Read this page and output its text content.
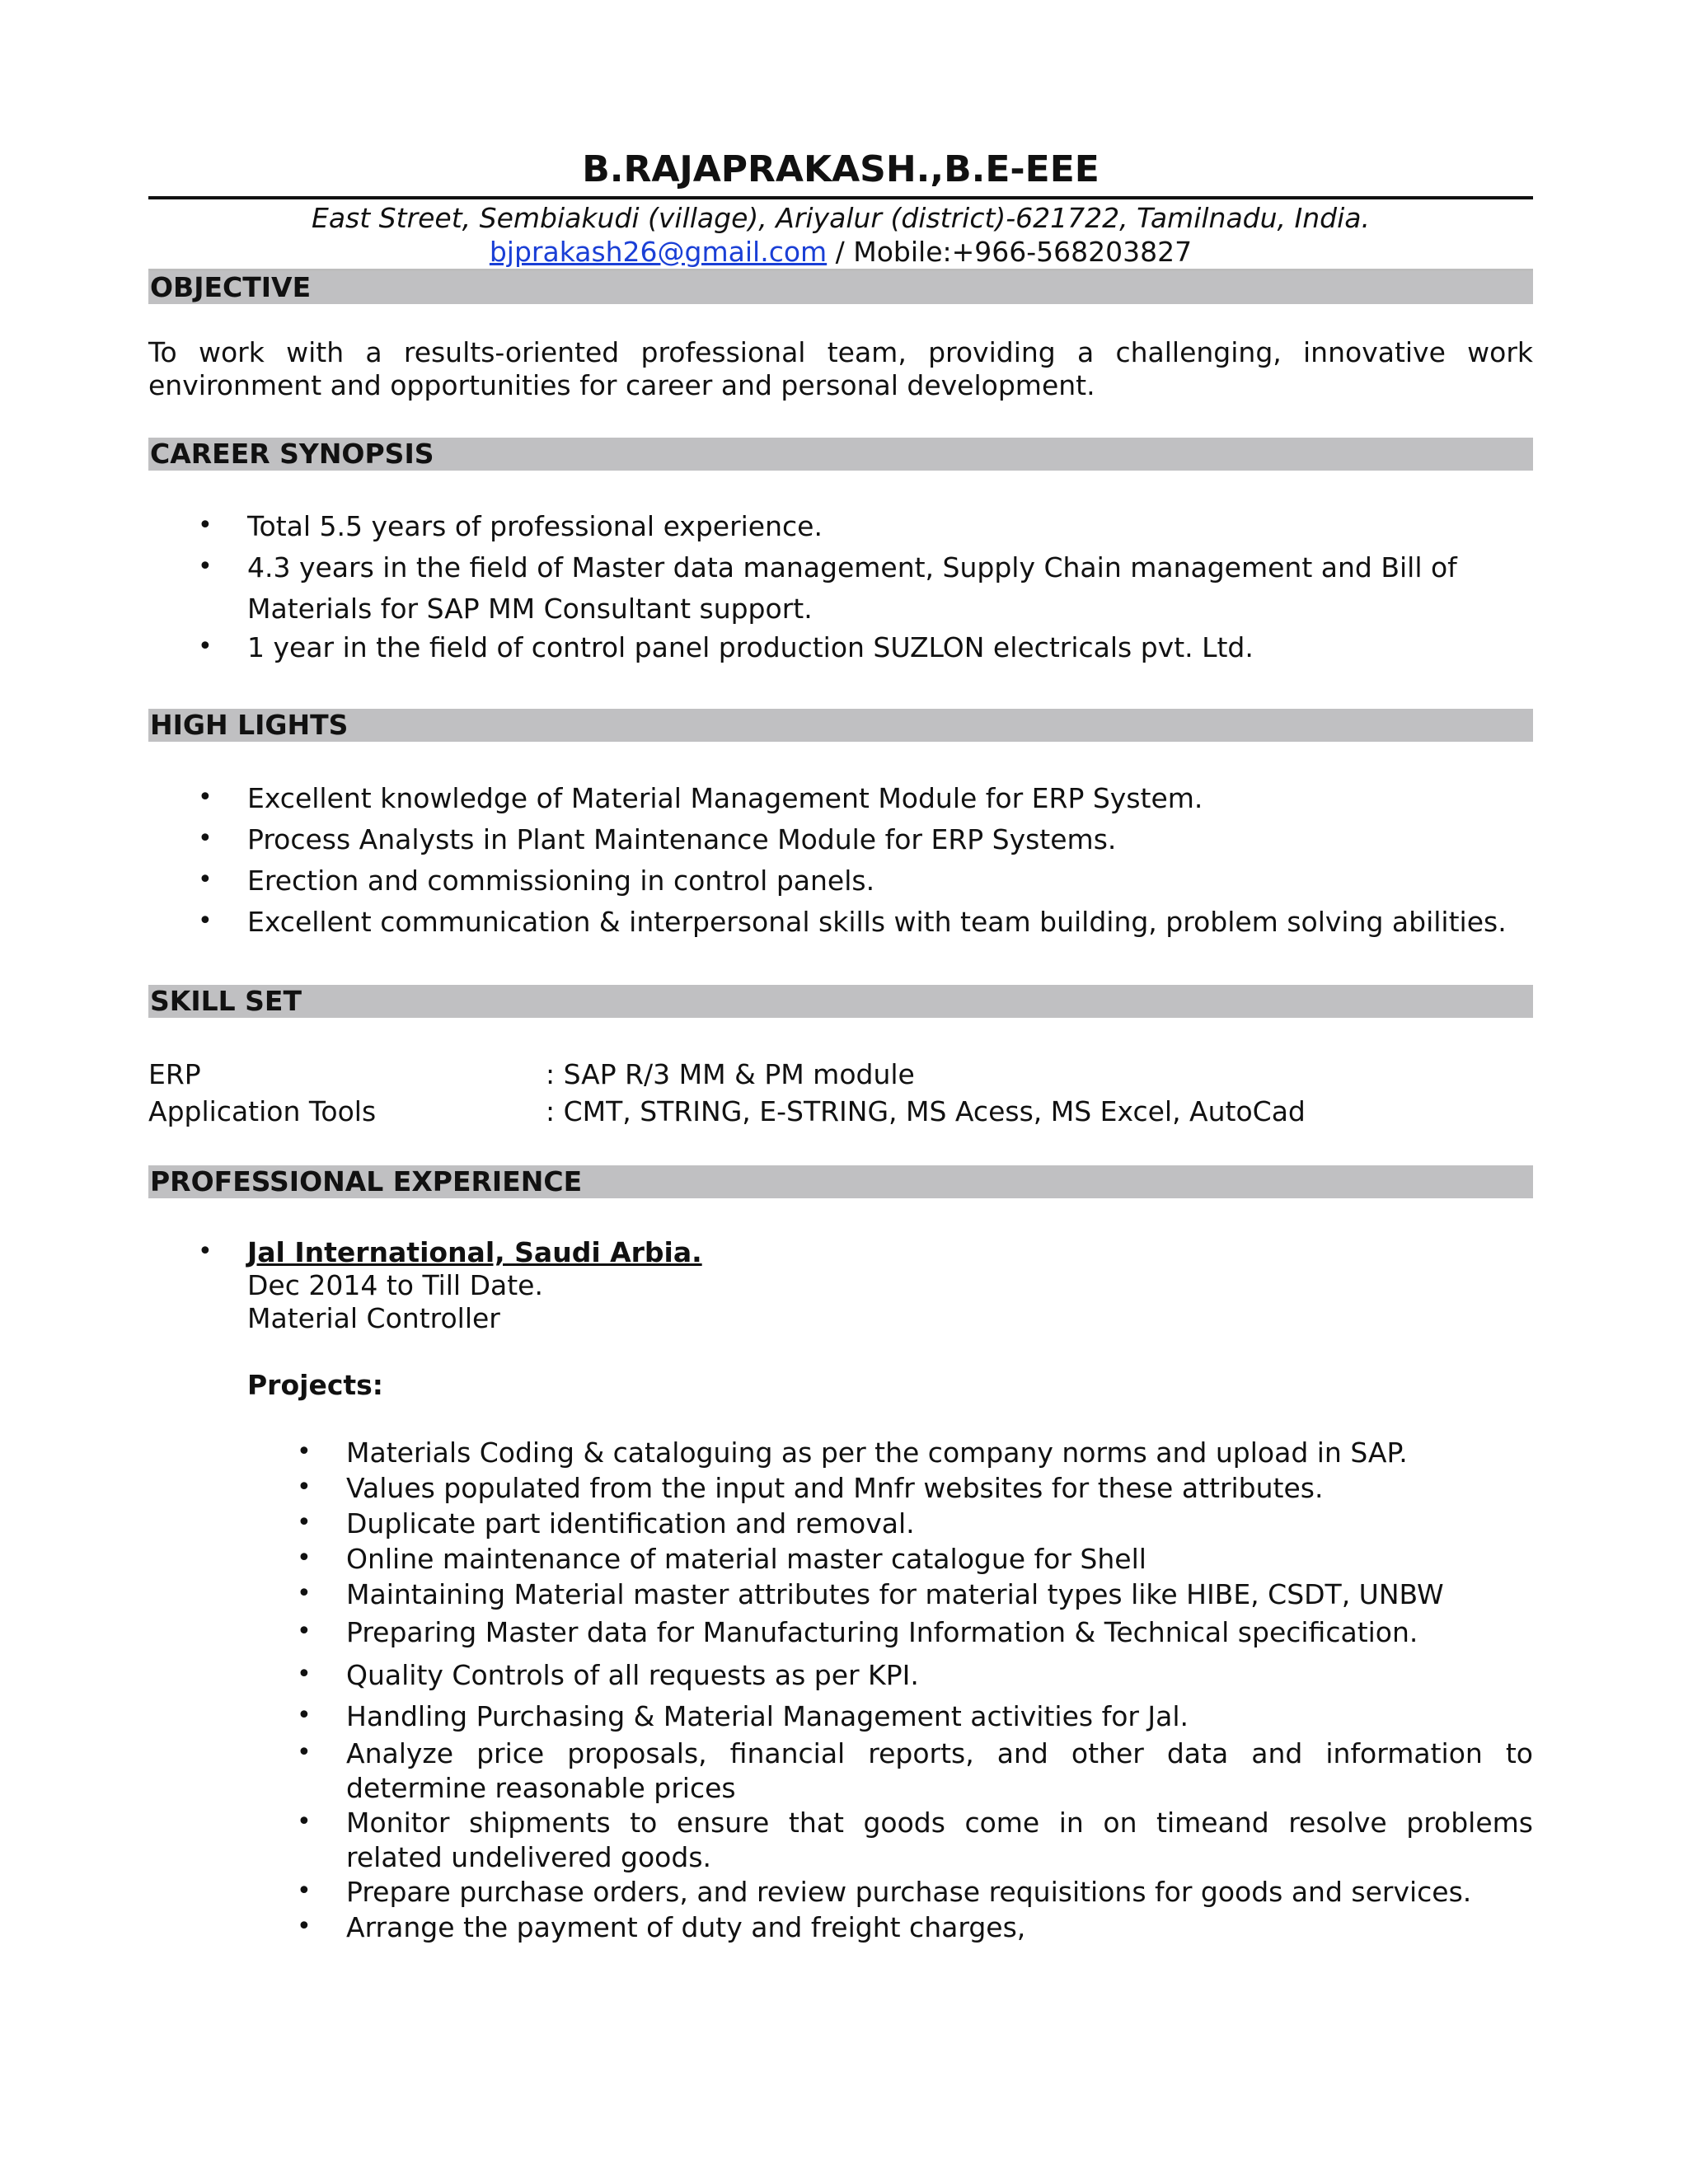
B.RAJAPRAKASH.,B.E-EEE
East Street, Sembiakudi (village), Ariyalur (district)-621722, Tamilnadu, India.
bjprakash26@gmail.com / Mobile:+966-568203827
OBJECTIVE
To work with a results-oriented professional team, providing a challenging, innovative work
environment and opportunities for career and personal development.
CAREER SYNOPSIS
• Total 5.5 years of professional experience.
• 4.3 years in the field of Master data management, Supply Chain management and Bill of
Materials for SAP MM Consultant support.
• 1 year in the field of control panel production SUZLON electricals pvt. Ltd.
HIGH LIGHTS
• Excellent knowledge of Material Management Module for ERP System.
• Process Analysts in Plant Maintenance Module for ERP Systems.
• Erection and commissioning in control panels.
• Excellent communication & interpersonal skills with team building, problem solving abilities.
SKILL SET
ERP	: SAP R/3 MM & PM module
Application Tools	: CMT, STRING, E-STRING, MS Acess, MS Excel, AutoCad
PROFESSIONAL EXPERIENCE
• Jal International, Saudi Arbia.
Dec 2014 to Till Date.
Material Controller
Projects:
• Materials Coding & cataloguing as per the company norms and upload in SAP.
• Values populated from the input and Mnfr websites for these attributes.
• Duplicate part identification and removal.
• Online maintenance of material master catalogue for Shell
• Maintaining Material master attributes for material types like HIBE, CSDT, UNBW
• Preparing Master data for Manufacturing Information & Technical specification.
• Quality Controls of all requests as per KPI.
• Handling Purchasing & Material Management activities for Jal.
• Analyze price proposals, financial reports, and other data and information to
determine reasonable prices
• Monitor shipments to ensure that goods come in on timeand resolve problems
related undelivered goods.
• Prepare purchase orders, and review purchase requisitions for goods and services.
• Arrange the payment of duty and freight charges,
